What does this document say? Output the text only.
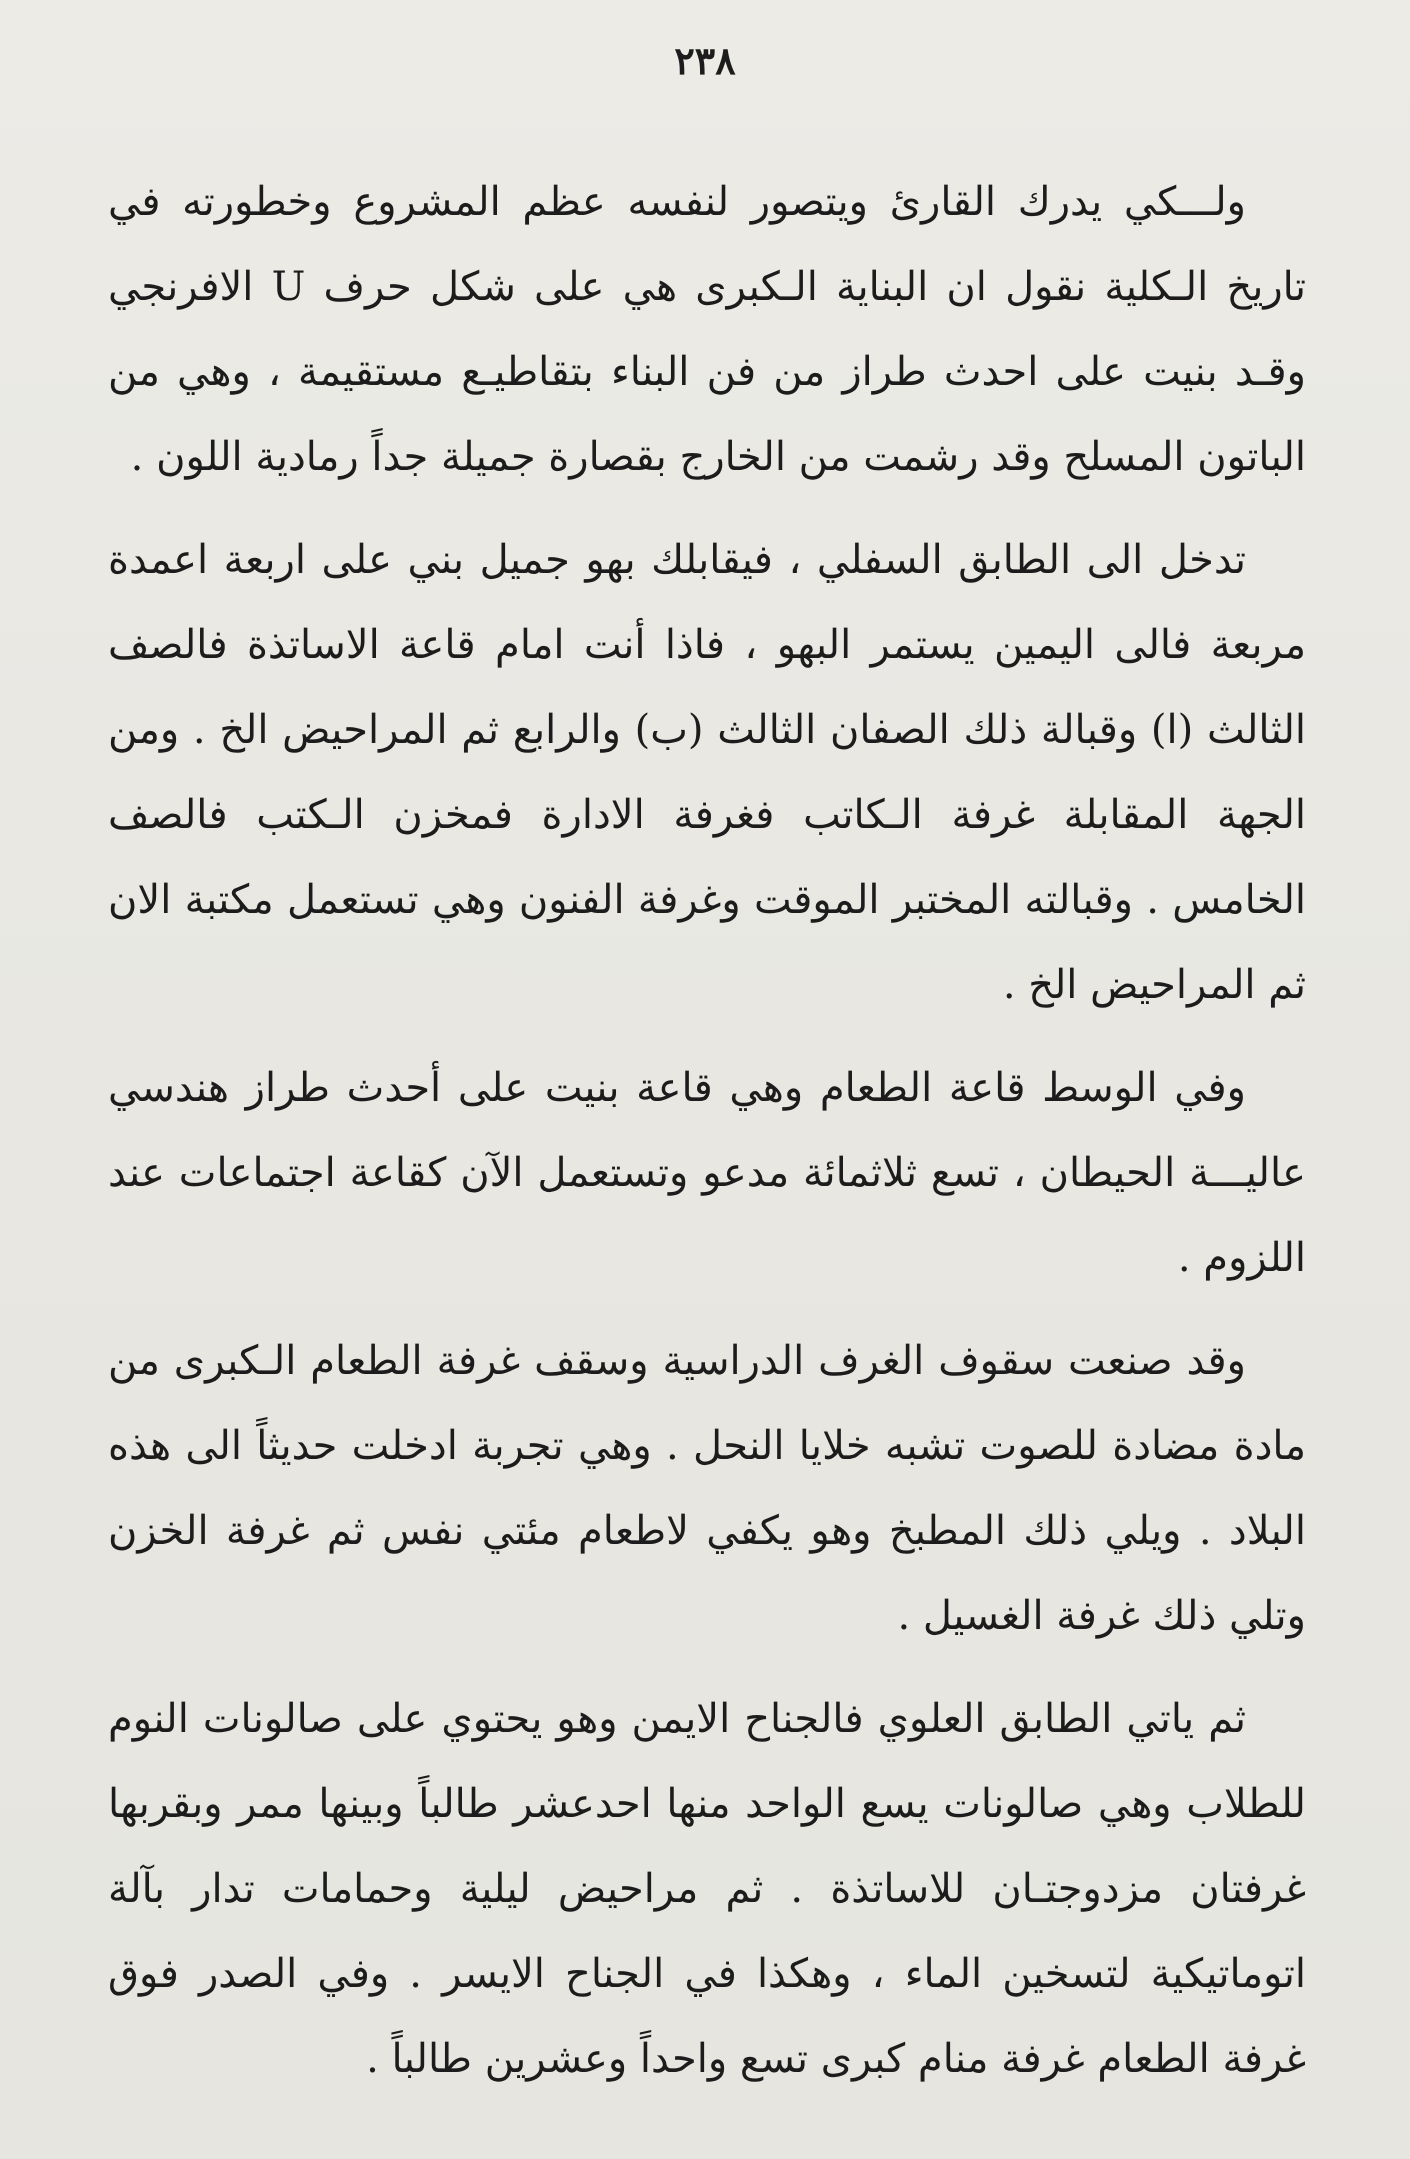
٢٣٨

ولـــكي يدرك القارئ ويتصور لنفسه عظم المشروع وخطورته في تاريخ الـكلية نقول ان البناية الـكبرى هي على شكل حرف U الافرنجي وقـد بنيت على احدث طراز من فن البناء بتقاطيـع مستقيمة ، وهي من الباتون المسلح وقد رشمت من الخارج بقصارة جميلة جداً رمادية اللون .

تدخل الى الطابق السفلي ، فيقابلك بهو جميل بني على اربعة اعمدة مربعة فالى اليمين يستمر البهو ، فاذا أنت امام قاعة الاساتذة فالصف الثالث (ا) وقبالة ذلك الصفان الثالث (ب) والرابع ثم المراحيض الخ . ومن الجهة المقابلة غرفة الـكاتب فغرفة الادارة فمخزن الـكتب فالصف الخامس . وقبالته المختبر الموقت وغرفة الفنون وهي تستعمل مكتبة الان ثم المراحيض الخ .

وفي الوسط قاعة الطعام وهي قاعة بنيت على أحدث طراز هندسي عاليـــة الحيطان ، تسع ثلاثمائة مدعو وتستعمل الآن كقاعة اجتماعات عند اللزوم .

وقد صنعت سقوف الغرف الدراسية وسقف غرفة الطعام الـكبرى من مادة مضادة للصوت تشبه خلايا النحل . وهي تجربة ادخلت حديثاً الى هذه البلاد . ويلي ذلك المطبخ وهو يكفي لاطعام مئتي نفس ثم غرفة الخزن وتلي ذلك غرفة الغسيل .

ثم ياتي الطابق العلوي فالجناح الايمن وهو يحتوي على صالونات النوم للطلاب وهي صالونات يسع الواحد منها احدعشر طالباً وبينها ممر وبقربها غرفتان مزدوجتـان للاساتذة . ثم مراحيض ليلية وحمامات تدار بآلة اتوماتيكية لتسخين الماء ، وهكذا في الجناح الايسر . وفي الصدر فوق غرفة الطعام غرفة منام كبرى تسع واحداً وعشرين طالباً .
